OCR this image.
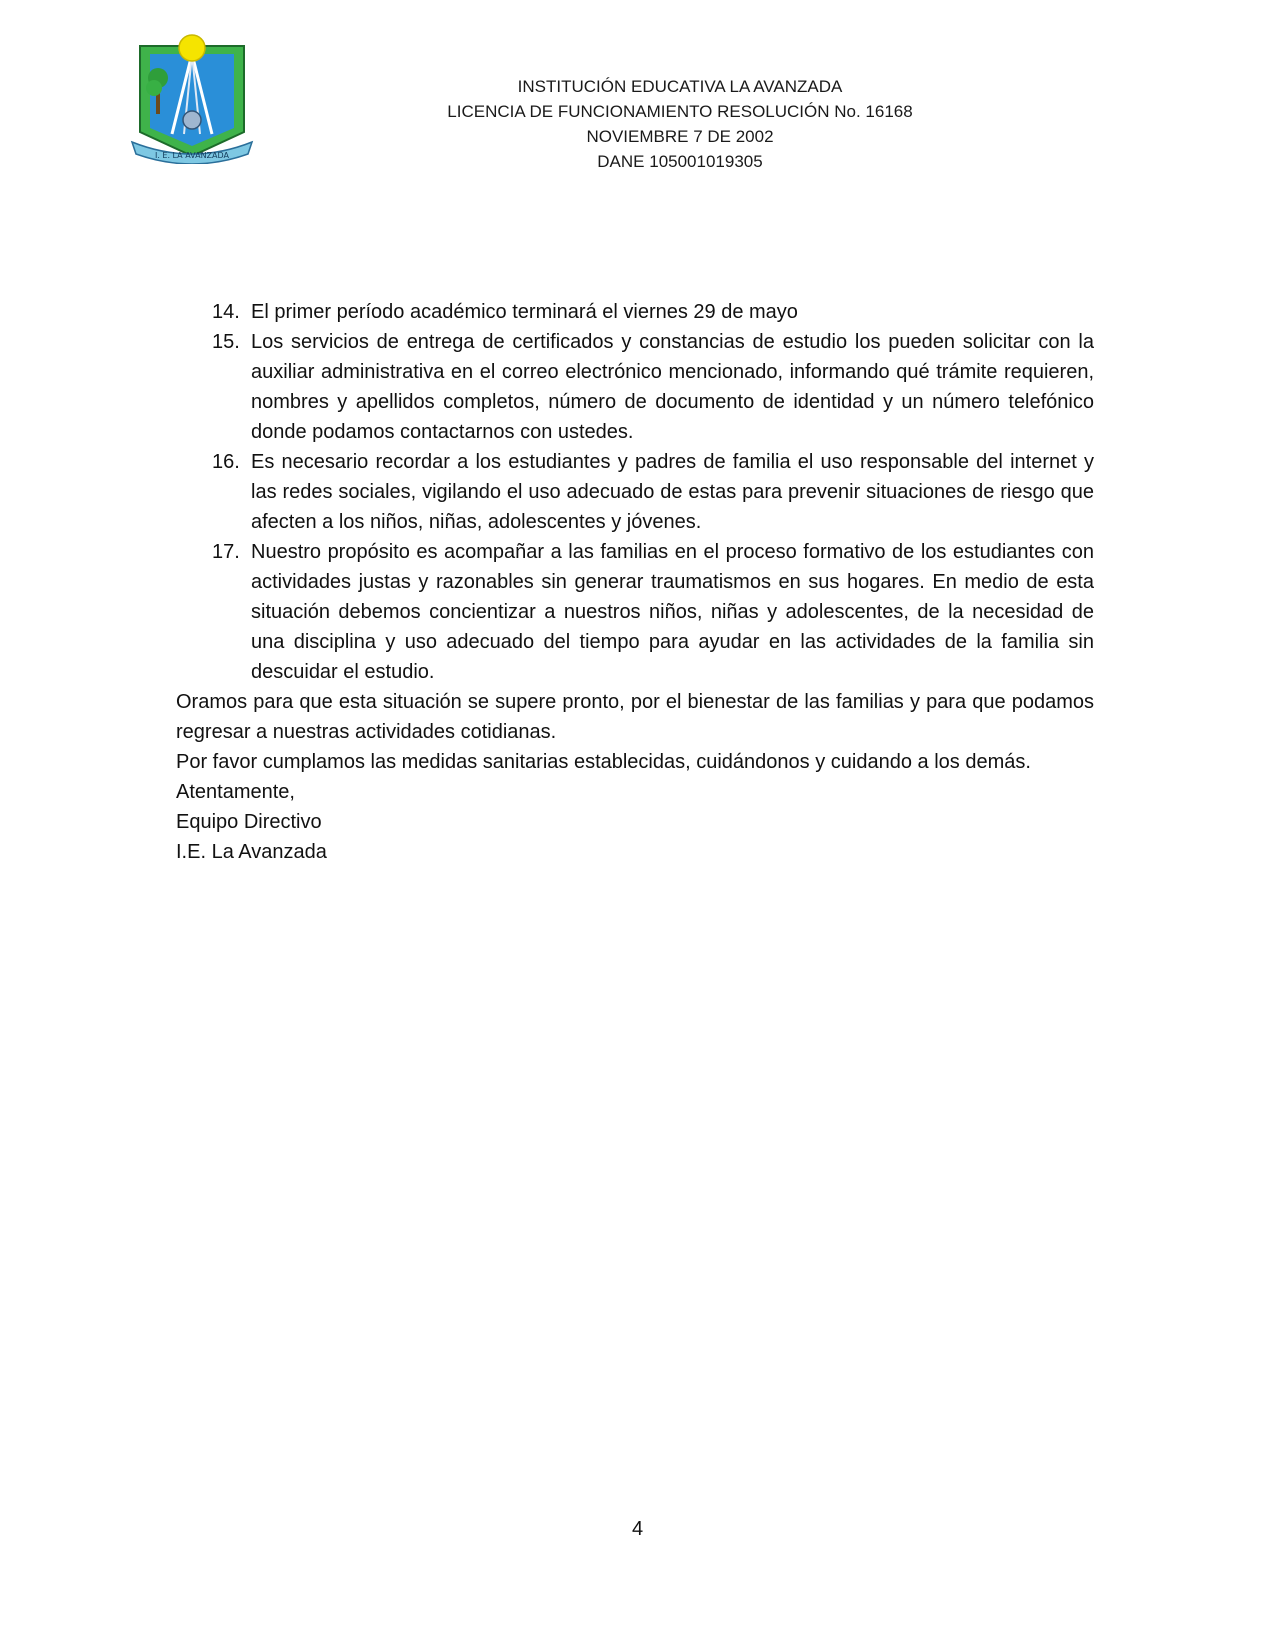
I. E. LA AVANZADA
INSTITUCIÓN EDUCATIVA LA AVANZADA
LICENCIA DE FUNCIONAMIENTO RESOLUCIÓN No. 16168
NOVIEMBRE 7 DE 2002
DANE 105001019305
14. El primer período académico terminará el viernes 29 de mayo
15. Los servicios de entrega de certificados y constancias de estudio los pueden solicitar con la auxiliar administrativa en el correo electrónico mencionado, informando qué trámite requieren, nombres y apellidos completos, número de documento de identidad y un número telefónico donde podamos contactarnos con ustedes.
16. Es necesario recordar a los estudiantes y padres de familia el uso responsable del internet y las redes sociales, vigilando el uso adecuado de estas para prevenir situaciones de riesgo que afecten a los niños, niñas, adolescentes y jóvenes.
17. Nuestro propósito es acompañar a las familias en el proceso formativo de los estudiantes con actividades justas y razonables sin generar traumatismos en sus hogares. En medio de esta situación debemos concientizar a nuestros niños, niñas y adolescentes, de la necesidad de una disciplina y uso adecuado del tiempo para ayudar en las actividades de la familia sin descuidar el estudio.

Oramos para que esta situación se supere pronto, por el bienestar de las familias y para que podamos regresar a nuestras actividades cotidianas.

Por favor cumplamos las medidas sanitarias establecidas, cuidándonos y cuidando a los demás.

Atentamente,

Equipo Directivo

I.E. La Avanzada

4
